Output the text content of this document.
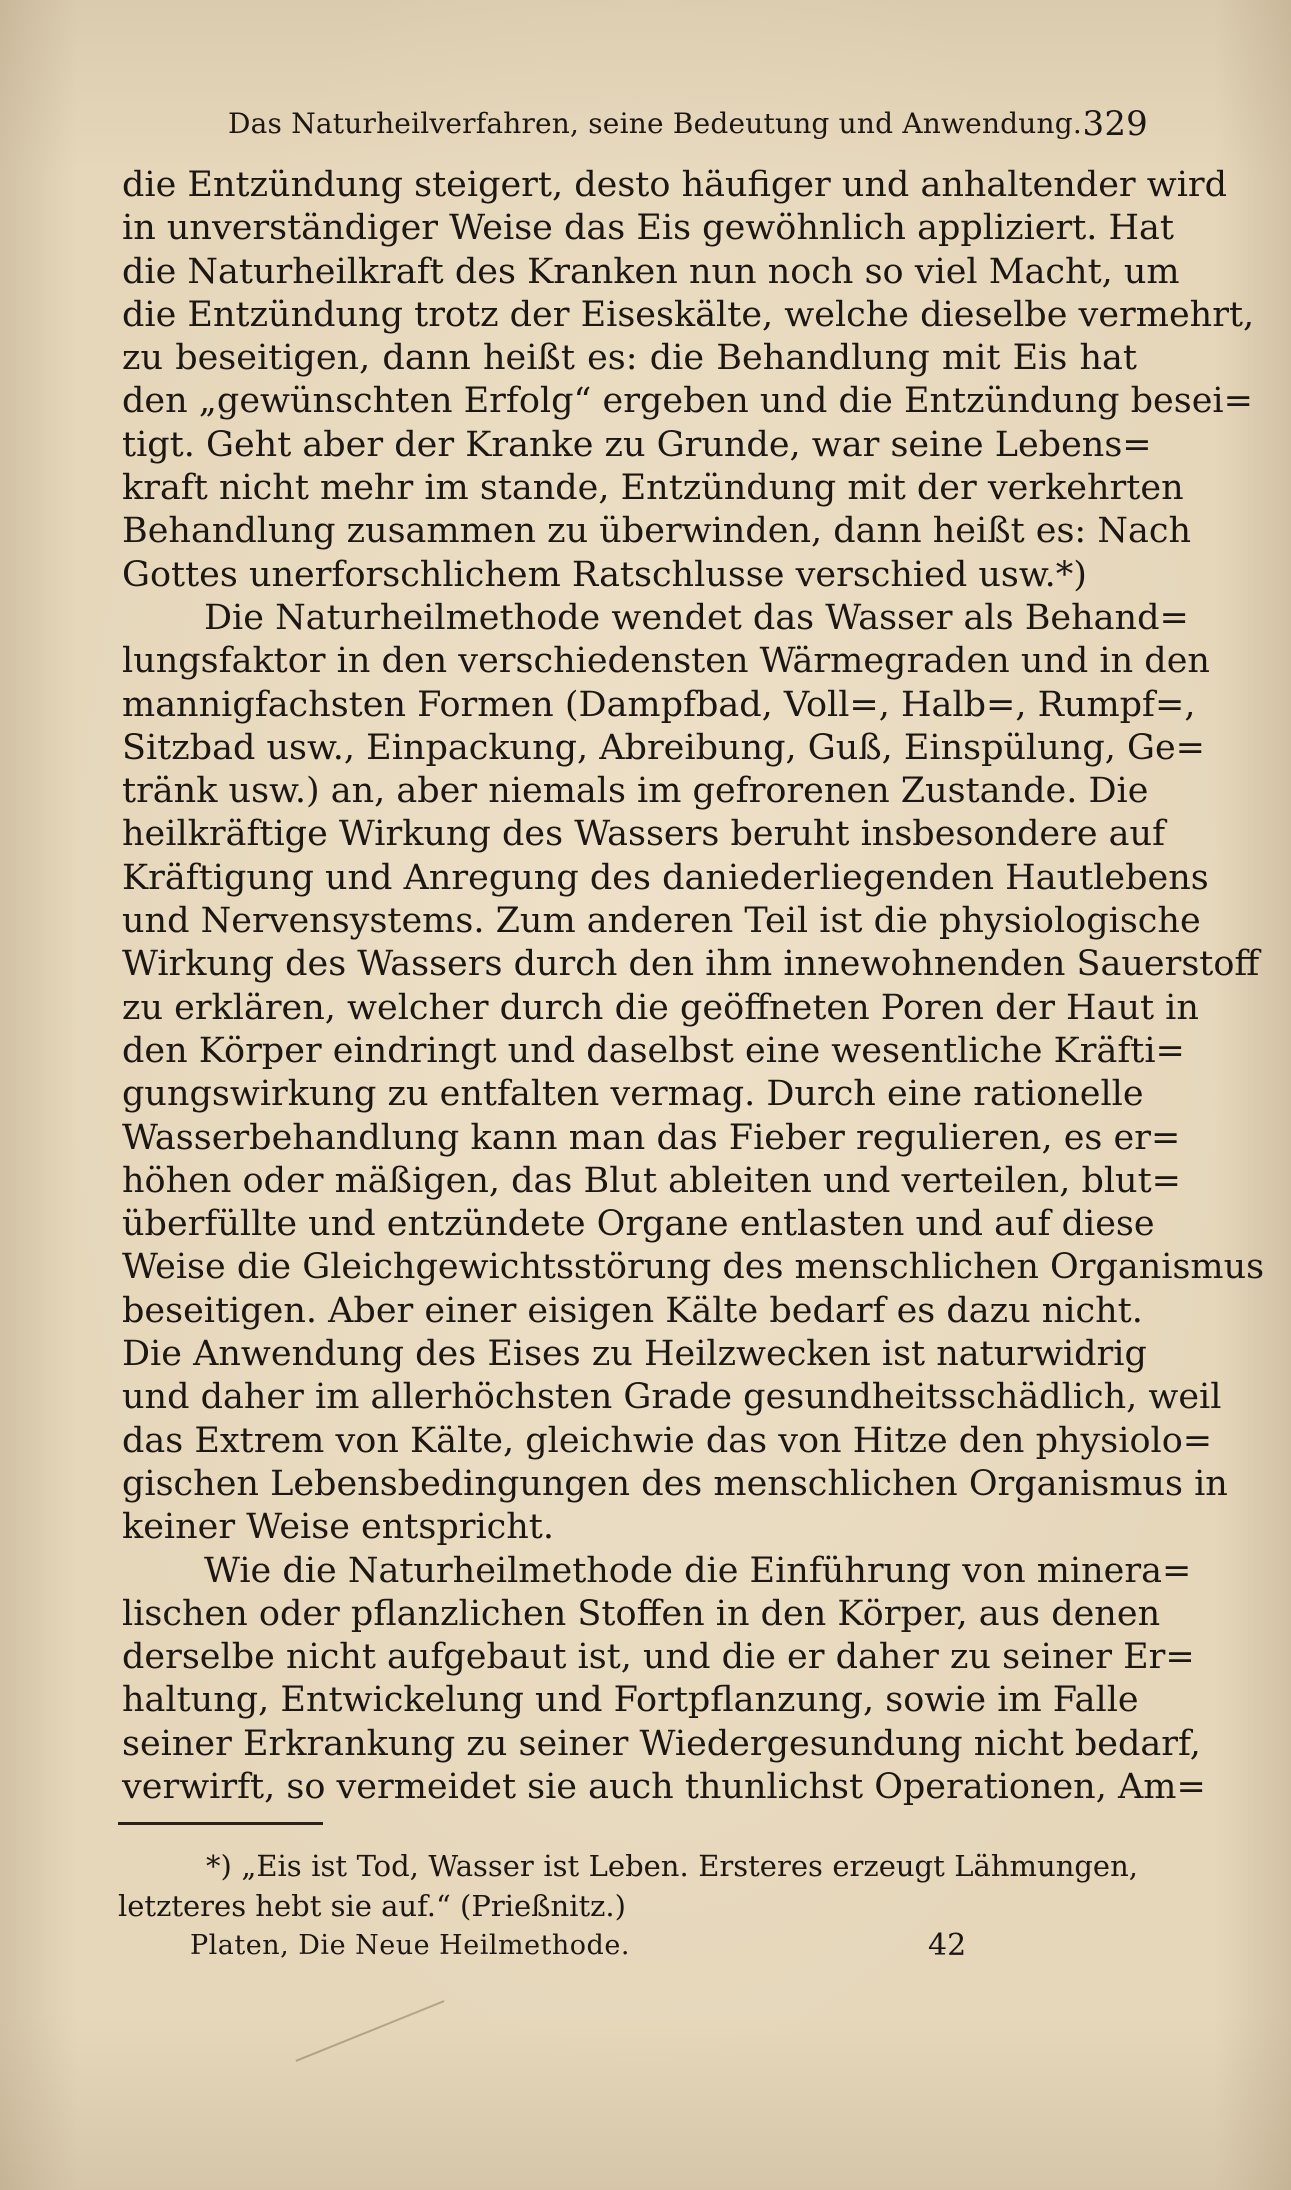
Das Naturheilverfahren, seine Bedeutung und Anwendung. 329
die Entzündung steigert, desto häufiger und anhaltender wird
in unverständiger Weise das Eis gewöhnlich appliziert. Hat
die Naturheilkraft des Kranken nun noch so viel Macht, um
die Entzündung trotz der Eiseskälte, welche dieselbe vermehrt,
zu beseitigen, dann heißt es: die Behandlung mit Eis hat
den „gewünschten Erfolg“ ergeben und die Entzündung besei=
tigt. Geht aber der Kranke zu Grunde, war seine Lebens=
kraft nicht mehr im stande, Entzündung mit der verkehrten
Behandlung zusammen zu überwinden, dann heißt es: Nach
Gottes unerforschlichem Ratschlusse verschied usw.*)
Die Naturheilmethode wendet das Wasser als Behand=
lungsfaktor in den verschiedensten Wärmegraden und in den
mannigfachsten Formen (Dampfbad, Voll=, Halb=, Rumpf=,
Sitzbad usw., Einpackung, Abreibung, Guß, Einspülung, Ge=
tränk usw.) an, aber niemals im gefrorenen Zustande. Die
heilkräftige Wirkung des Wassers beruht insbesondere auf
Kräftigung und Anregung des daniederliegenden Hautlebens
und Nervensystems. Zum anderen Teil ist die physiologische
Wirkung des Wassers durch den ihm innewohnenden Sauerstoff
zu erklären, welcher durch die geöffneten Poren der Haut in
den Körper eindringt und daselbst eine wesentliche Kräfti=
gungswirkung zu entfalten vermag. Durch eine rationelle
Wasserbehandlung kann man das Fieber regulieren, es er=
höhen oder mäßigen, das Blut ableiten und verteilen, blut=
überfüllte und entzündete Organe entlasten und auf diese
Weise die Gleichgewichtsstörung des menschlichen Organismus
beseitigen. Aber einer eisigen Kälte bedarf es dazu nicht.
Die Anwendung des Eises zu Heilzwecken ist naturwidrig
und daher im allerhöchsten Grade gesundheitsschädlich, weil
das Extrem von Kälte, gleichwie das von Hitze den physiolo=
gischen Lebensbedingungen des menschlichen Organismus in
keiner Weise entspricht.
Wie die Naturheilmethode die Einführung von minera=
lischen oder pflanzlichen Stoffen in den Körper, aus denen
derselbe nicht aufgebaut ist, und die er daher zu seiner Er=
haltung, Entwickelung und Fortpflanzung, sowie im Falle
seiner Erkrankung zu seiner Wiedergesundung nicht bedarf,
verwirft, so vermeidet sie auch thunlichst Operationen, Am=
*) „Eis ist Tod, Wasser ist Leben. Ersteres erzeugt Lähmungen,
letzteres hebt sie auf.“ (Prießnitz.)
Platen, Die Neue Heilmethode.	42
